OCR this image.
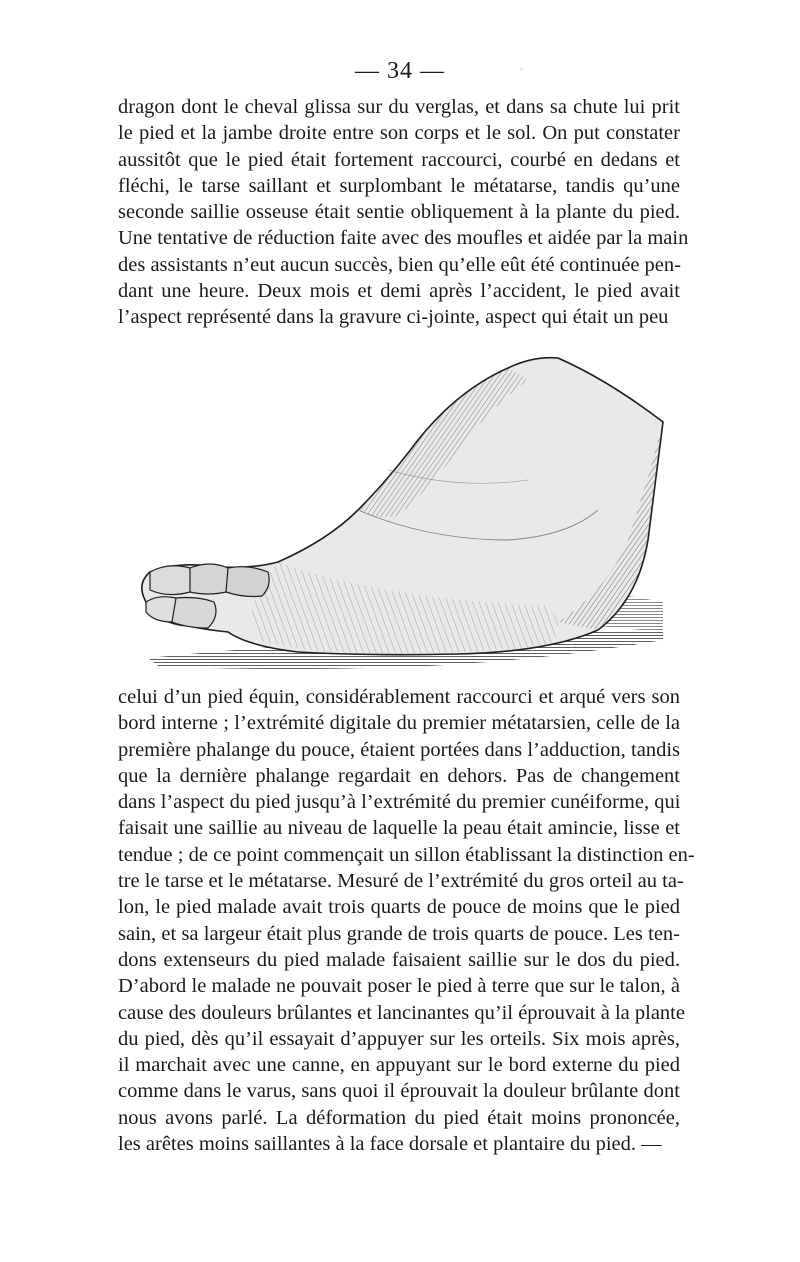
— 34 —	·
dragon dont le cheval glissa sur du verglas, et dans sa chute lui prit
le pied et la jambe droite entre son corps et le sol. On put constater
aussitôt que le pied était fortement raccourci, courbé en dedans et
fléchi, le tarse saillant et surplombant le métatarse, tandis qu’une
seconde saillie osseuse était sentie obliquement à la plante du pied.
Une tentative de réduction faite avec des moufles et aidée par la main
des assistants n’eut aucun succès, bien qu’elle eût été continuée pen-
dant une heure. Deux mois et demi après l’accident, le pied avait
l’aspect représenté dans la gravure ci-jointe, aspect qui était un peu
celui d’un pied équin, considérablement raccourci et arqué vers son
bord interne ; l’extrémité digitale du premier métatarsien, celle de la
première phalange du pouce, étaient portées dans l’adduction, tandis
que la dernière phalange regardait en dehors. Pas de changement
dans l’aspect du pied jusqu’à l’extrémité du premier cunéiforme, qui
faisait une saillie au niveau de laquelle la peau était amincie, lisse et
tendue ; de ce point commençait un sillon établissant la distinction en-
tre le tarse et le métatarse. Mesuré de l’extrémité du gros orteil au ta-
lon, le pied malade avait trois quarts de pouce de moins que le pied
sain, et sa largeur était plus grande de trois quarts de pouce. Les ten-
dons extenseurs du pied malade faisaient saillie sur le dos du pied.
D’abord le malade ne pouvait poser le pied à terre que sur le talon, à
cause des douleurs brûlantes et lancinantes qu’il éprouvait à la plante
du pied, dès qu’il essayait d’appuyer sur les orteils. Six mois après,
il marchait avec une canne, en appuyant sur le bord externe du pied
comme dans le varus, sans quoi il éprouvait la douleur brûlante dont
nous avons parlé. La déformation du pied était moins prononcée,
les arêtes moins saillantes à la face dorsale et plantaire du pied. —
